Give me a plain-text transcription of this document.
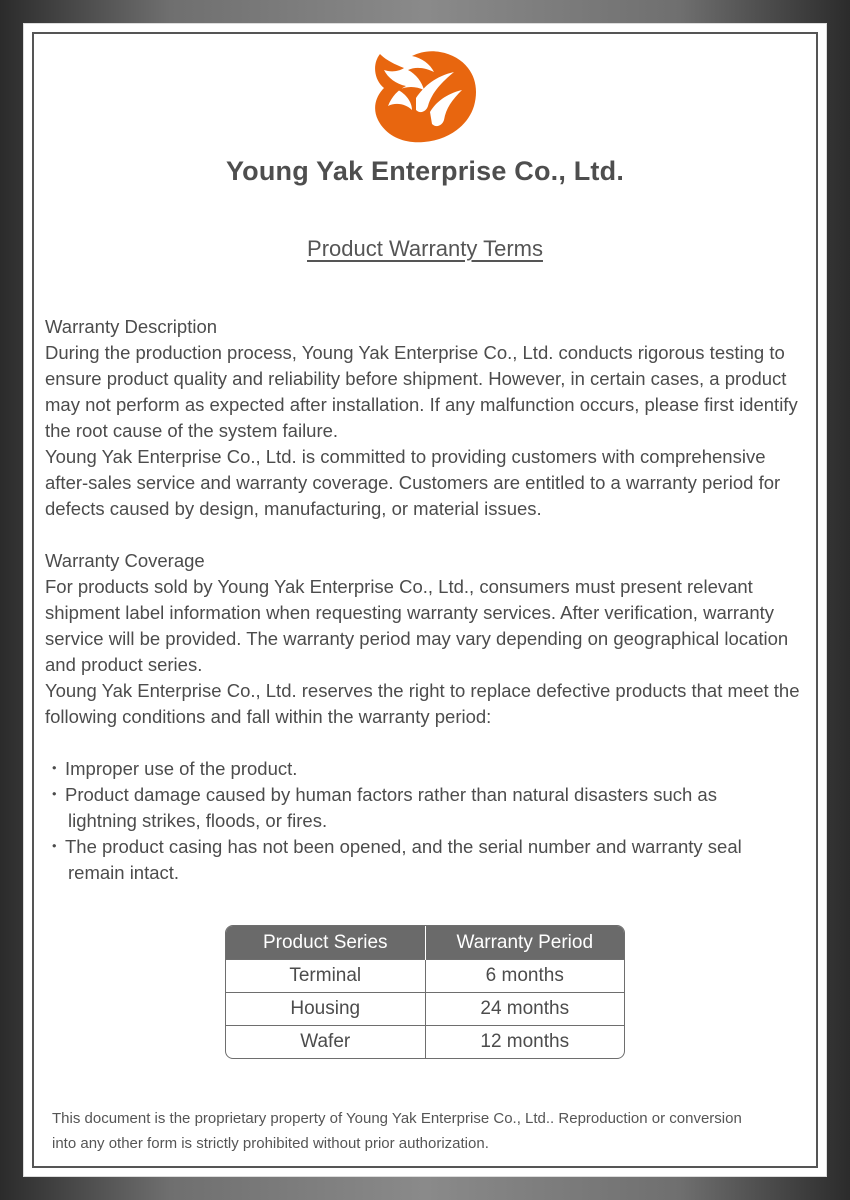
Young Yak Enterprise Co., Ltd.
Product Warranty Terms

Warranty Description

During the production process, Young Yak Enterprise Co., Ltd. conducts rigorous testing to ensure product quality and reliability before shipment. However, in certain cases, a product may not perform as expected after installation. If any malfunction occurs, please first identify the root cause of the system failure.

Young Yak Enterprise Co., Ltd. is committed to providing customers with comprehensive after-sales service and warranty coverage. Customers are entitled to a warranty period for defects caused by design, manufacturing, or material issues.

Warranty Coverage

For products sold by Young Yak Enterprise Co., Ltd., consumers must present relevant shipment label information when requesting warranty services. After verification, warranty service will be provided. The warranty period may vary depending on geographical location and product series.

Young Yak Enterprise Co., Ltd. reserves the right to replace defective products that meet the following conditions and fall within the warranty period:

・ Improper use of the product.
・ Product damage caused by human factors rather than natural disasters such as
lightning strikes, floods, or fires.
・ The product casing has not been opened, and the serial number and warranty seal
remain intact.
Product Series	Warranty Period
Terminal	6 months
Housing	24 months
Wafer	12 months
This document is the proprietary property of Young Yak Enterprise Co., Ltd.. Reproduction or conversion
into any other form is strictly prohibited without prior authorization.
